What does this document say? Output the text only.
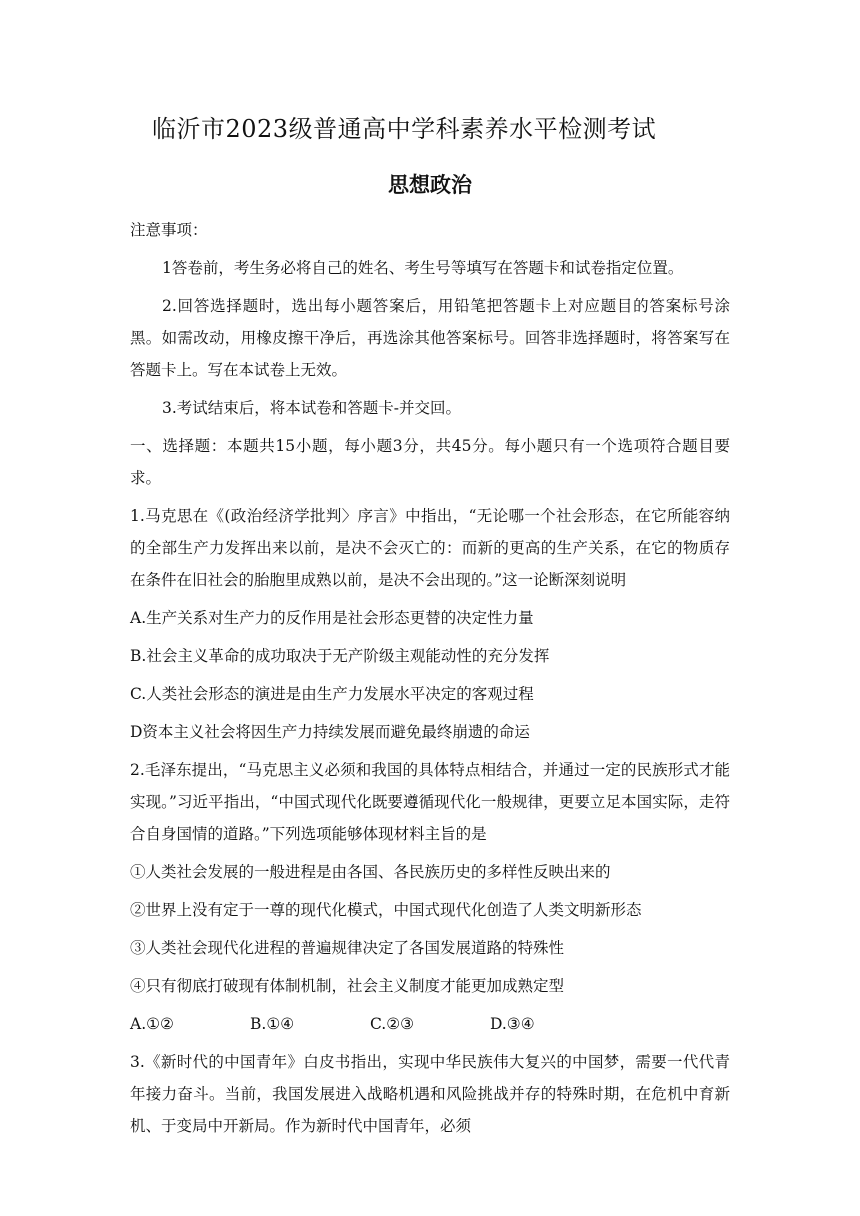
临沂市2023级普通高中学科素养水平检测考试
思想政治

注意事项：

1答卷前，考生务必将自己的姓名、考生号等填写在答题卡和试卷指定位置。

2.回答选择题时，选出每小题答案后，用铅笔把答题卡上对应题目的答案标号涂黑。如需改动，用橡皮擦干净后，再选涂其他答案标号。回答非选择题时，将答案写在答题卡上。写在本试卷上无效。

3.考试结束后，将本试卷和答题卡-并交回。

一、选择题：本题共15小题，每小题3分，共45分。每小题只有一个选项符合题目要求。

1.马克思在《(政治经济学批判〉序言》中指出，“无论哪一个社会形态，在它所能容纳的全部生产力发挥出来以前，是决不会灭亡的：而新的更高的生产关系，在它的物质存在条件在旧社会的胎胞里成熟以前，是决不会出现的。”这一论断深刻说明

A.生产关系对生产力的反作用是社会形态更替的决定性力量

B.社会主义革命的成功取决于无产阶级主观能动性的充分发挥

C.人类社会形态的演进是由生产力发展水平决定的客观过程

D资本主义社会将因生产力持续发展而避免最终崩遗的命运

2.毛泽东提出，“马克思主义必须和我国的具体特点相结合，并通过一定的民族形式才能实现。”习近平指出，“中国式现代化既要遵循现代化一般规律，更要立足本国实际，走符合自身国情的道路。”下列选项能够体现材料主旨的是

①人类社会发展的一般进程是由各国、各民族历史的多样性反映出来的

②世界上没有定于一尊的现代化模式，中国式现代化创造了人类文明新形态

③人类社会现代化进程的普遍规律决定了各国发展道路的特殊性

④只有彻底打破现有体制机制，社会主义制度才能更加成熟定型

A.①②	B.①④	C.②③	D.③④

3.《新时代的中国青年》白皮书指出，实现中华民族伟大复兴的中国梦，需要一代代青年接力奋斗。当前，我国发展进入战略机遇和风险挑战并存的特殊时期，在危机中育新机、于变局中开新局。作为新时代中国青年，必须
